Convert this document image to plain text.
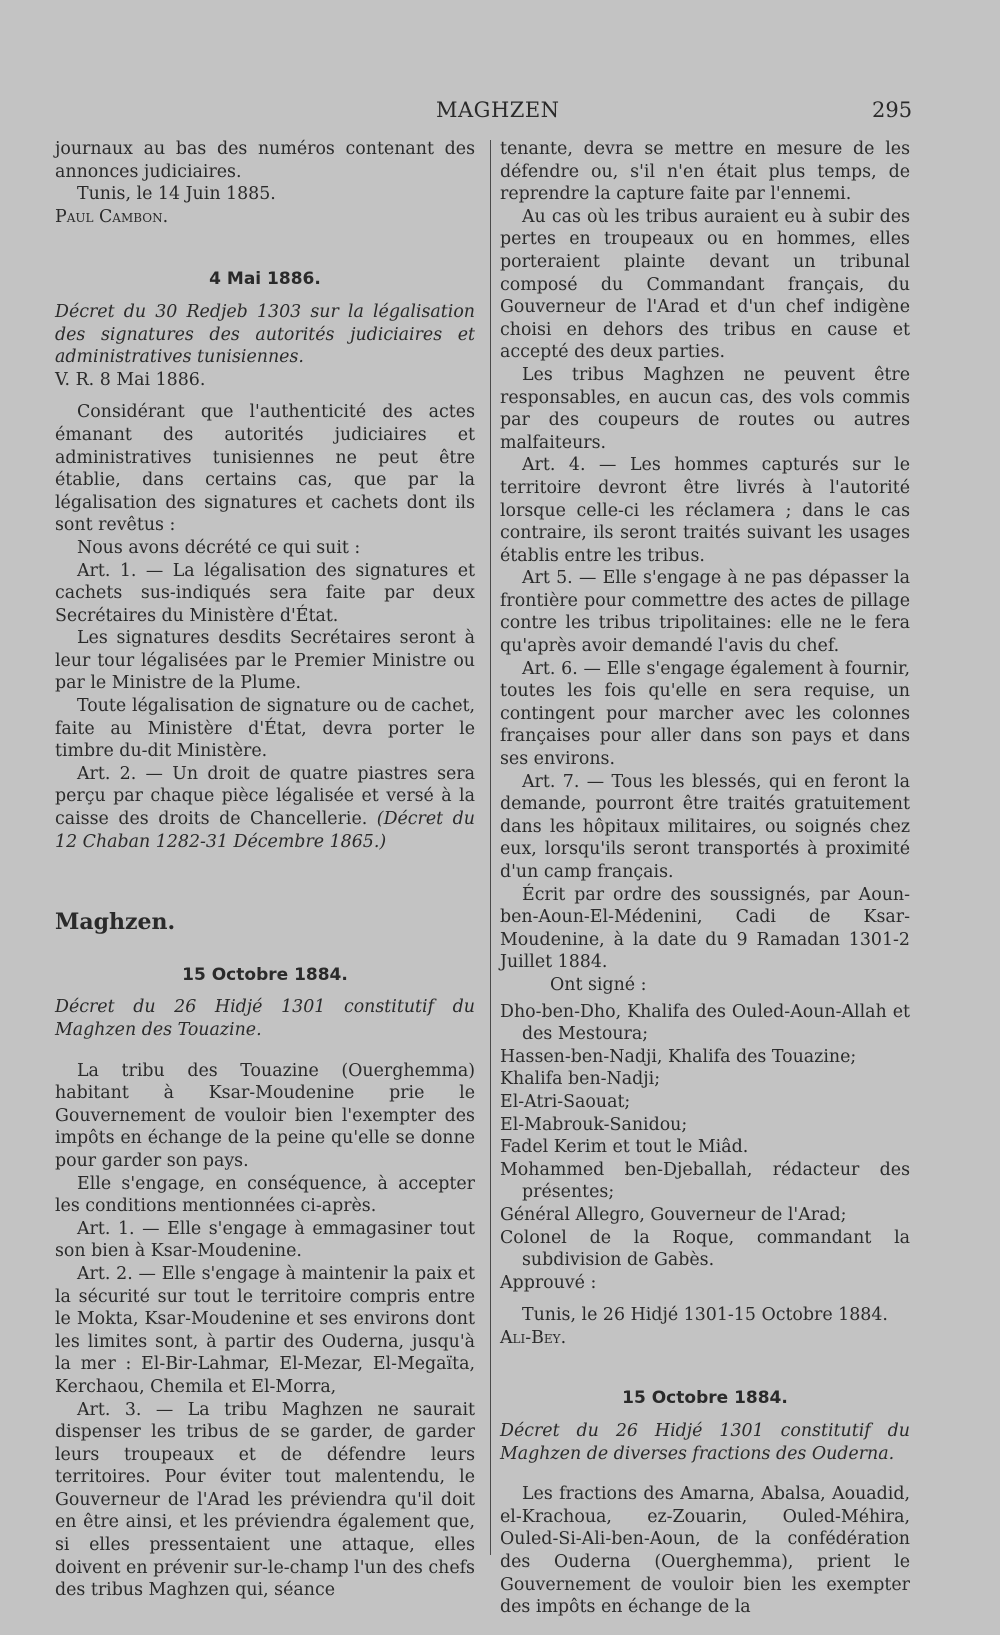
MAGHZEN	295

journaux au bas des numéros contenant des annonces judiciaires.

Tunis, le 14 Juin 1885.

Paul Cambon.

4 Mai 1886.

Décret du 30 Redjeb 1303 sur la légalisation des signatures des autorités judiciaires et administratives tunisiennes.

V. R. 8 Mai 1886.

Considérant que l'authenticité des actes émanant des autorités judiciaires et administratives tunisiennes ne peut être établie, dans certains cas, que par la légalisation des signatures et cachets dont ils sont revêtus :

Nous avons décrété ce qui suit :

Art. 1. — La légalisation des signatures et cachets sus-indiqués sera faite par deux Secrétaires du Ministère d'État.

Les signatures desdits Secrétaires seront à leur tour légalisées par le Premier Ministre ou par le Ministre de la Plume.

Toute légalisation de signature ou de cachet, faite au Ministère d'État, devra porter le timbre du-dit Ministère.

Art. 2. — Un droit de quatre piastres sera perçu par chaque pièce légalisée et versé à la caisse des droits de Chancellerie. (Décret du 12 Chaban 1282-31 Décembre 1865.)

Maghzen.
15 Octobre 1884.

Décret du 26 Hidjé 1301 constitutif du Maghzen des Touazine.

La tribu des Touazine (Ouerghemma) habitant à Ksar-Moudenine prie le Gouvernement de vouloir bien l'exempter des impôts en échange de la peine qu'elle se donne pour garder son pays.

Elle s'engage, en conséquence, à accepter les conditions mentionnées ci-après.

Art. 1. — Elle s'engage à emmagasiner tout son bien à Ksar-Moudenine.

Art. 2. — Elle s'engage à maintenir la paix et la sécurité sur tout le territoire compris entre le Mokta, Ksar-Moudenine et ses environs dont les limites sont, à partir des Ouderna, jusqu'à la mer : El-Bir-Lahmar, El-Mezar, El-Megaïta, Kerchaou, Chemila et El-Morra,

Art. 3. — La tribu Maghzen ne saurait dispenser les tribus de se garder, de garder leurs troupeaux et de défendre leurs territoires. Pour éviter tout malentendu, le Gouverneur de l'Arad les préviendra qu'il doit en être ainsi, et les préviendra également que, si elles pressentaient une attaque, elles doivent en prévenir sur-le-champ l'un des chefs des tribus Maghzen qui, séance

tenante, devra se mettre en mesure de les défendre ou, s'il n'en était plus temps, de reprendre la capture faite par l'ennemi.

Au cas où les tribus auraient eu à subir des pertes en troupeaux ou en hommes, elles porteraient plainte devant un tribunal composé du Commandant français, du Gouverneur de l'Arad et d'un chef indigène choisi en dehors des tribus en cause et accepté des deux parties.

Les tribus Maghzen ne peuvent être responsables, en aucun cas, des vols commis par des coupeurs de routes ou autres malfaiteurs.

Art. 4. — Les hommes capturés sur le territoire devront être livrés à l'autorité lorsque celle-ci les réclamera ; dans le cas contraire, ils seront traités suivant les usages établis entre les tribus.

Art 5. — Elle s'engage à ne pas dépasser la frontière pour commettre des actes de pillage contre les tribus tripolitaines: elle ne le fera qu'après avoir demandé l'avis du chef.

Art. 6. — Elle s'engage également à fournir, toutes les fois qu'elle en sera requise, un contingent pour marcher avec les colonnes françaises pour aller dans son pays et dans ses environs.

Art. 7. — Tous les blessés, qui en feront la demande, pourront être traités gratuitement dans les hôpitaux militaires, ou soignés chez eux, lorsqu'ils seront transportés à proximité d'un camp français.

Écrit par ordre des soussignés, par Aoun-ben-Aoun-El-Médenini, Cadi de Ksar-Moudenine, à la date du 9 Ramadan 1301-2 Juillet 1884.

Ont signé :

Dho-ben-Dho, Khalifa des Ouled-Aoun-Allah et des Mestoura;

Hassen-ben-Nadji, Khalifa des Touazine;

Khalifa ben-Nadji;

El-Atri-Saouat;

El-Mabrouk-Sanidou;

Fadel Kerim et tout le Miâd.

Mohammed ben-Djeballah, rédacteur des présentes;

Général Allegro, Gouverneur de l'Arad;

Colonel de la Roque, commandant la subdivision de Gabès.

Approuvé :

Tunis, le 26 Hidjé 1301-15 Octobre 1884.

Ali-Bey.

15 Octobre 1884.

Décret du 26 Hidjé 1301 constitutif du Maghzen de diverses fractions des Ouderna.

Les fractions des Amarna, Abalsa, Aouadid, el-Krachoua, ez-Zouarin, Ouled-Méhira, Ouled-Si-Ali-ben-Aoun, de la confédération des Ouderna (Ouerghemma), prient le Gouvernement de vouloir bien les exempter des impôts en échange de la
